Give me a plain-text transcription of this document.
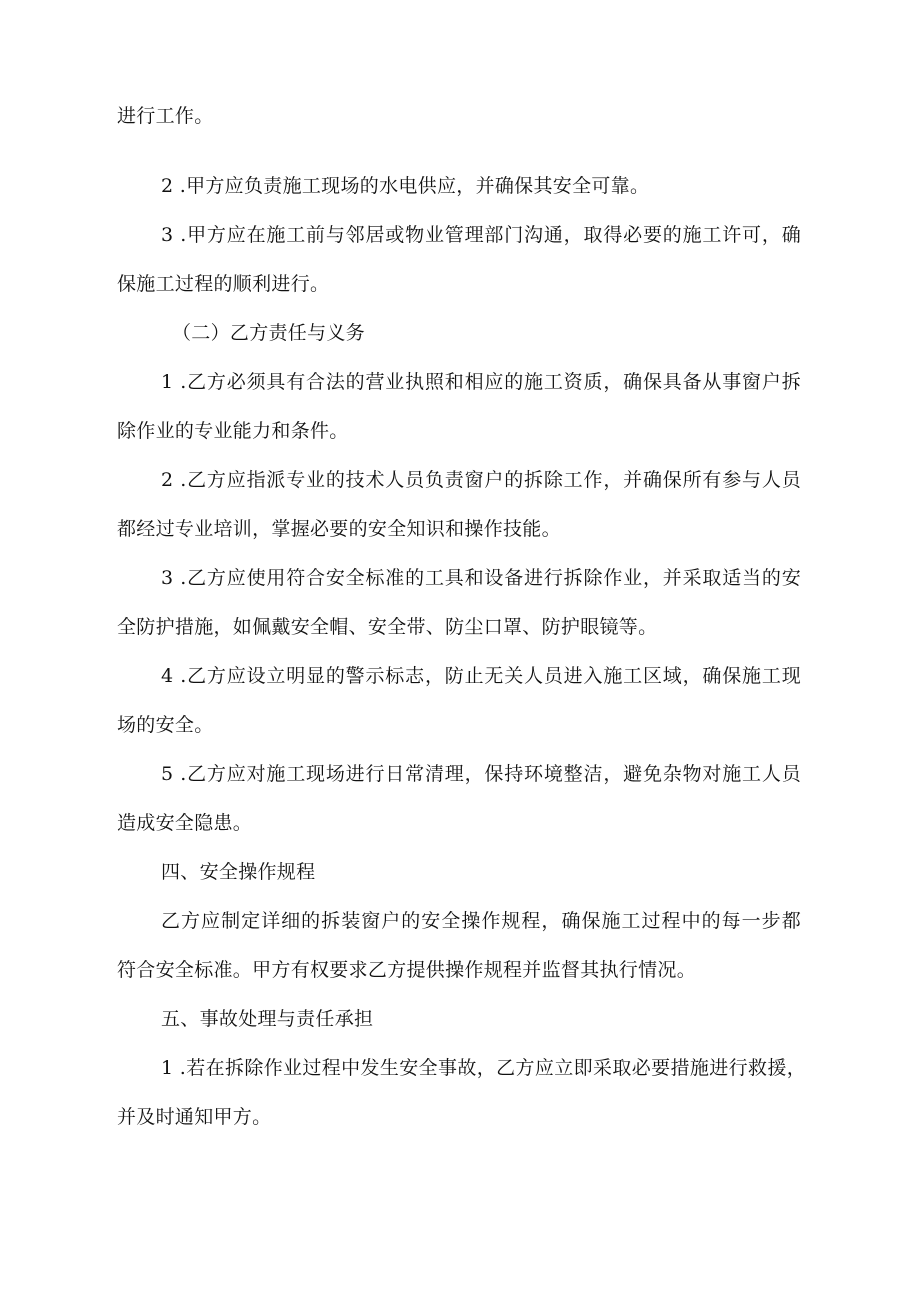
进行工作。
2 .甲方应负责施工现场的水电供应，并确保其安全可靠。
3 .甲方应在施工前与邻居或物业管理部门沟通，取得必要的施工许可，确
保施工过程的顺利进行。
（二）乙方责任与义务
1 .乙方必须具有合法的营业执照和相应的施工资质，确保具备从事窗户拆
除作业的专业能力和条件。
2 .乙方应指派专业的技术人员负责窗户的拆除工作，并确保所有参与人员
都经过专业培训，掌握必要的安全知识和操作技能。
3 .乙方应使用符合安全标准的工具和设备进行拆除作业，并采取适当的安
全防护措施，如佩戴安全帽、安全带、防尘口罩、防护眼镜等。
4 .乙方应设立明显的警示标志，防止无关人员进入施工区域，确保施工现
场的安全。
5 .乙方应对施工现场进行日常清理，保持环境整洁，避免杂物对施工人员
造成安全隐患。
四、安全操作规程
乙方应制定详细的拆装窗户的安全操作规程，确保施工过程中的每一步都
符合安全标准。甲方有权要求乙方提供操作规程并监督其执行情况。
五、事故处理与责任承担
1 .若在拆除作业过程中发生安全事故，乙方应立即采取必要措施进行救援，
并及时通知甲方。
